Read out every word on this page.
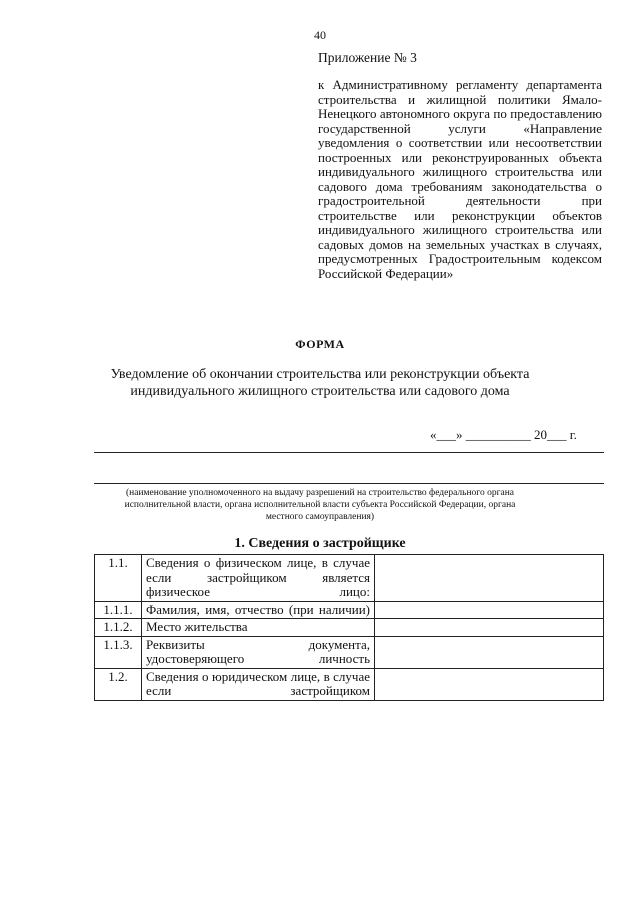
40
Приложение № 3
к Административному регламенту департамента строительства и жилищной политики Ямало-Ненецкого автономного округа по предоставлению государственной услуги «Направление уведомления о соответствии или несоответствии построенных или реконструированных объекта индивидуального жилищного строительства или садового дома требованиям законодательства о градостроительной деятельности при строительстве или реконструкции объектов индивидуального жилищного строительства или садовых домов на земельных участках в случаях, предусмотренных Градостроительным кодексом Российской Федерации»
ФОРМА
Уведомление об окончании строительства или реконструкции объекта индивидуального жилищного строительства или садового дома
«___» __________ 20___ г.
(наименование уполномоченного на выдачу разрешений на строительство федерального органа исполнительной власти, органа исполнительной власти субъекта Российской Федерации, органа местного самоуправления)
1. Сведения о застройщике
1.1.	Сведения о физическом лице, в случае если застройщиком является физическое лицо:	
1.1.1.	Фамилия, имя, отчество (при наличии)	
1.1.2.	Место жительства	
1.1.3.	Реквизиты документа, удостоверяющего личность	
1.2.	Сведения о юридическом лице, в случае если застройщиком	
